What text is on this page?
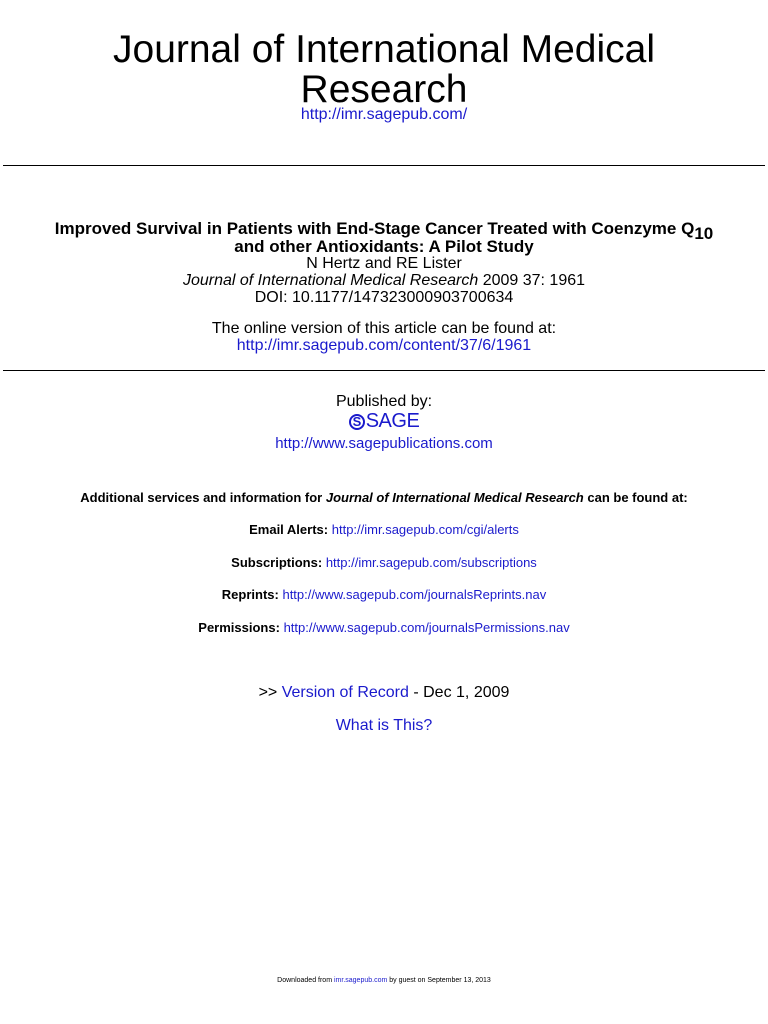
Journal of International Medical
Research
http://imr.sagepub.com/
Improved Survival in Patients with End-Stage Cancer Treated with Coenzyme $Q_{10}$
and other Antioxidants: A Pilot Study
N Hertz and RE Lister
Journal of International Medical Research 2009 37: 1961
DOI: 10.1177/147323000903700634
The online version of this article can be found at:
http://imr.sagepub.com/content/37/6/1961
Published by:
S SAGE
http://www.sagepublications.com
Additional services and information for Journal of International Medical Research can be found at:
Email Alerts: http://imr.sagepub.com/cgi/alerts
Subscriptions: http://imr.sagepub.com/subscriptions
Reprints: http://www.sagepub.com/journalsReprints.nav
Permissions: http://www.sagepub.com/journalsPermissions.nav
>> Version of Record - Dec 1, 2009
What is This?
Downloaded from imr.sagepub.com by guest on September 13, 2013
